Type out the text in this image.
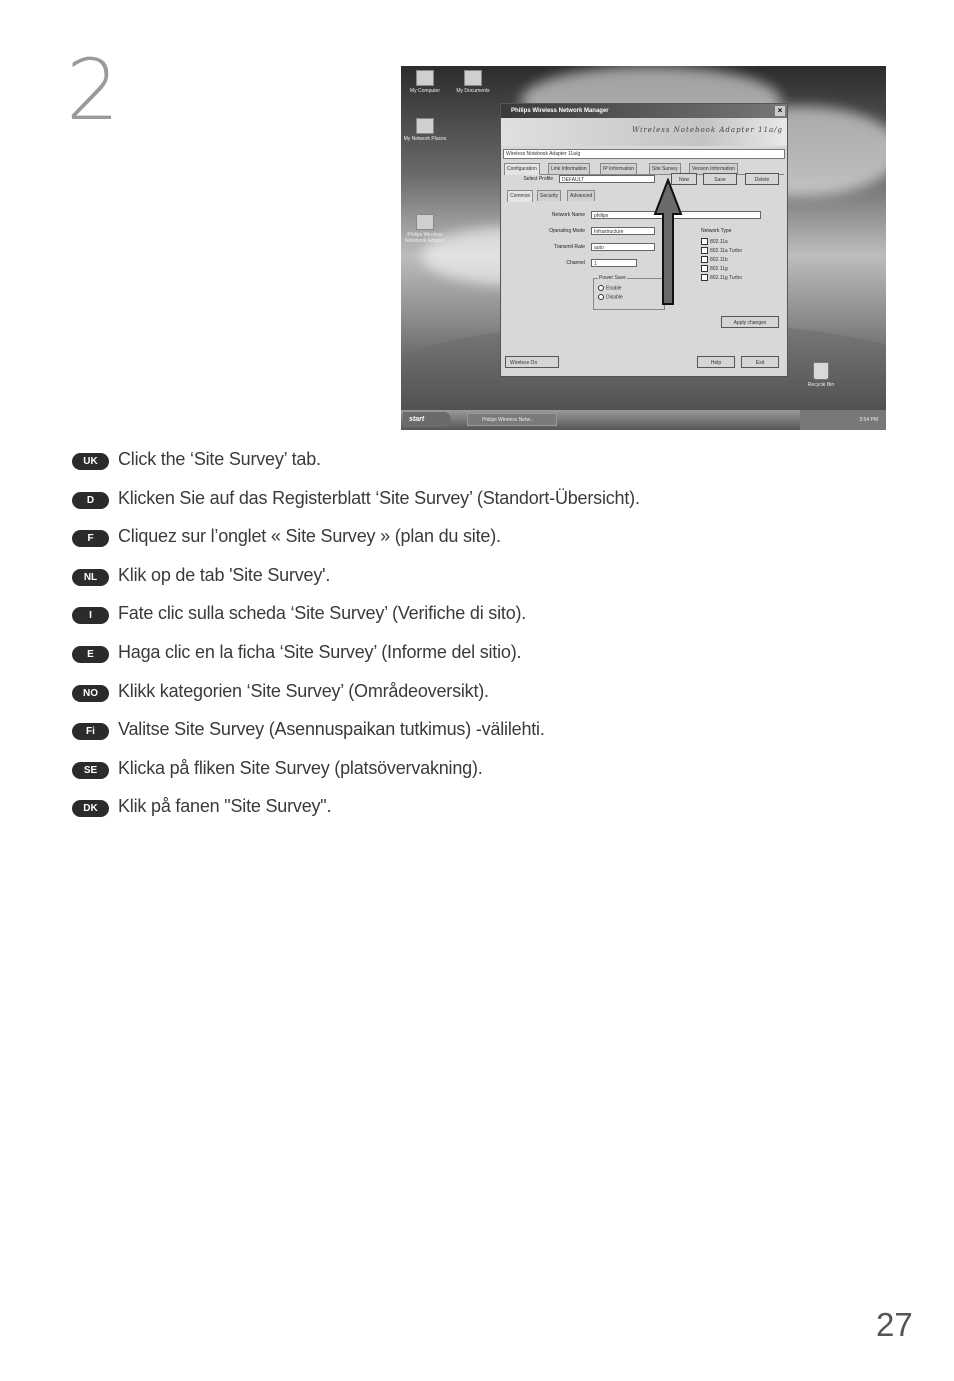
2	My Computer	My Documents
My Network Places
Philips Wireless Notebook Adapter
Philips Wireless Network Manager	×
Wireless Notebook Adapter 11a/g
Wireless Notebook Adapter 11a/g
Configuration	Link Information	IP Information	Site Survey	Version Information
Select Profile	DEFAULT	New	Save	Delete
Common	Security	Advanced
Network Name	philips
Operating Mode	Infrastructure
Transmit Rate	auto
Channel	1
Network Type
802.11a
802.11a Turbo
802.11b
802.11g
802.11g Turbo
Power Save
Enable
Disable
Apply changes
Wireless On	Help	Exit
Recycle Bin
start	Philips Wireless Netw...	3:54 PM
UK	Click the ‘Site Survey’ tab.
D	Klicken Sie auf das Registerblatt ‘Site Survey’ (Standort-Übersicht).
F	Cliquez sur l’onglet « Site Survey » (plan du site).
NL	Klik op de tab 'Site Survey'.
I	Fate clic sulla scheda ‘Site Survey’ (Verifiche di sito).
E	Haga clic en la ficha ‘Site Survey’ (Informe del sitio).
NO	Klikk kategorien ‘Site Survey’ (Områdeoversikt).
Fi	Valitse Site Survey (Asennuspaikan tutkimus) -välilehti.
SE	Klicka på fliken Site Survey (platsövervakning).
DK	Klik på fanen "Site Survey".
27
